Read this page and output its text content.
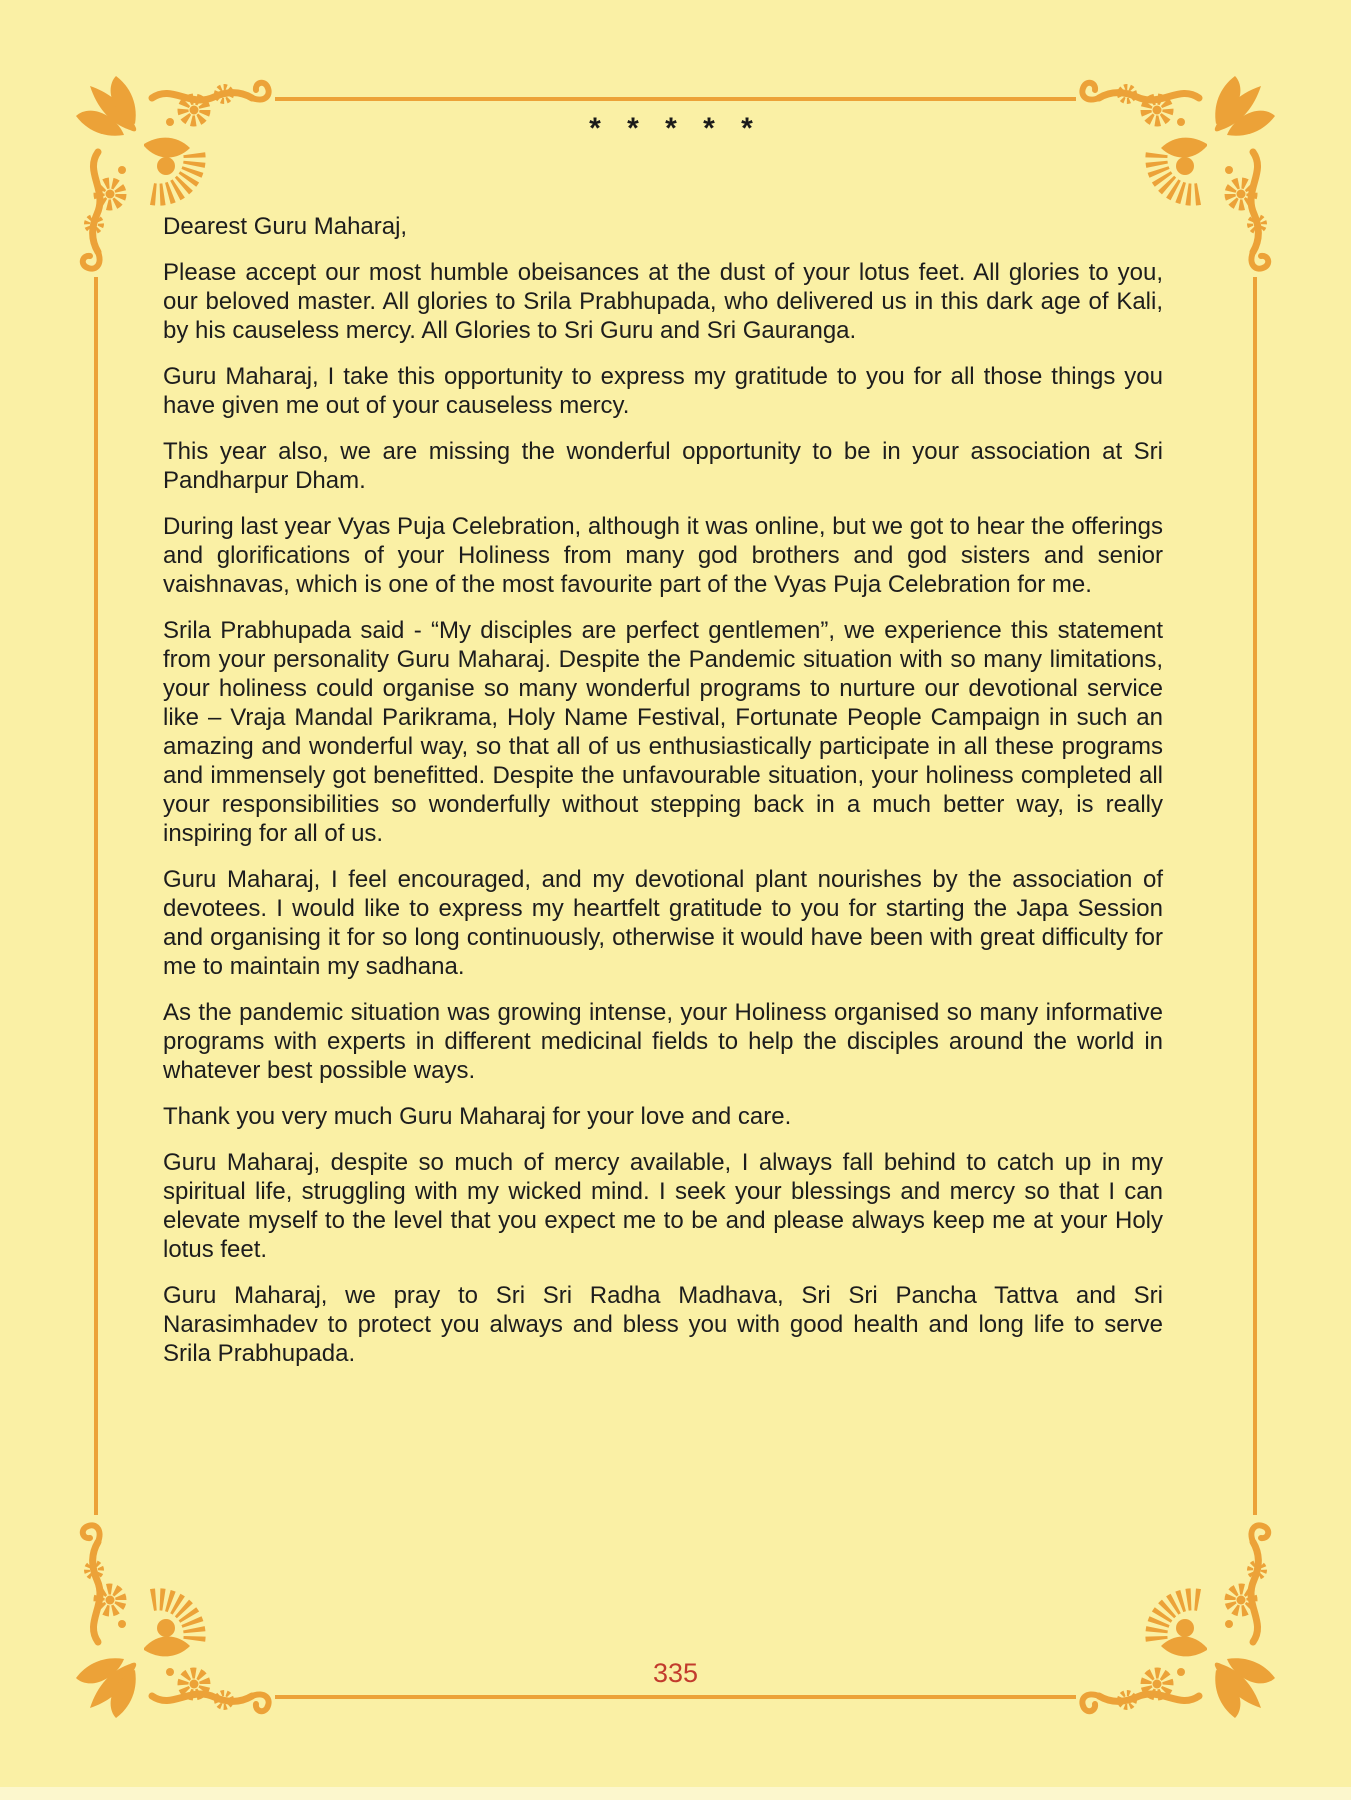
* * * * *

Dearest Guru Maharaj,

Please accept our most humble obeisances at the dust of your lotus feet. All glories to you, our beloved master. All glories to Srila Prabhupada, who delivered us in this dark age of Kali, by his causeless mercy. All Glories to Sri Guru and Sri Gauranga.

Guru Maharaj, I take this opportunity to express my gratitude to you for all those things you have given me out of your causeless mercy.

This year also, we are missing the wonderful opportunity to be in your association at Sri Pandharpur Dham.

During last year Vyas Puja Celebration, although it was online, but we got to hear the offerings and glorifications of your Holiness from many god brothers and god sisters and senior vaishnavas, which is one of the most favourite part of the Vyas Puja Celebration for me.

Srila Prabhupada said - “My disciples are perfect gentlemen”, we experience this statement from your personality Guru Maharaj. Despite the Pandemic situation with so many limitations, your holiness could organise so many wonderful programs to nurture our devotional service like – Vraja Mandal Parikrama, Holy Name Festival, Fortunate People Campaign in such an amazing and wonderful way, so that all of us enthusiastically participate in all these programs and immensely got benefitted. Despite the unfavourable situation, your holiness completed all your responsibilities so wonderfully without stepping back in a much better way, is really inspiring for all of us.

Guru Maharaj, I feel encouraged, and my devotional plant nourishes by the association of devotees. I would like to express my heartfelt gratitude to you for starting the Japa Session and organising it for so long continuously, otherwise it would have been with great difficulty for me to maintain my sadhana.

As the pandemic situation was growing intense, your Holiness organised so many informative programs with experts in different medicinal fields to help the disciples around the world in whatever best possible ways.

Thank you very much Guru Maharaj for your love and care.

Guru Maharaj, despite so much of mercy available, I always fall behind to catch up in my spiritual life, struggling with my wicked mind. I seek your blessings and mercy so that I can elevate myself to the level that you expect me to be and please always keep me at your Holy lotus feet.

Guru Maharaj, we pray to Sri Sri Radha Madhava, Sri Sri Pancha Tattva and Sri Narasimhadev to protect you always and bless you with good health and long life to serve Srila Prabhupada.

335
